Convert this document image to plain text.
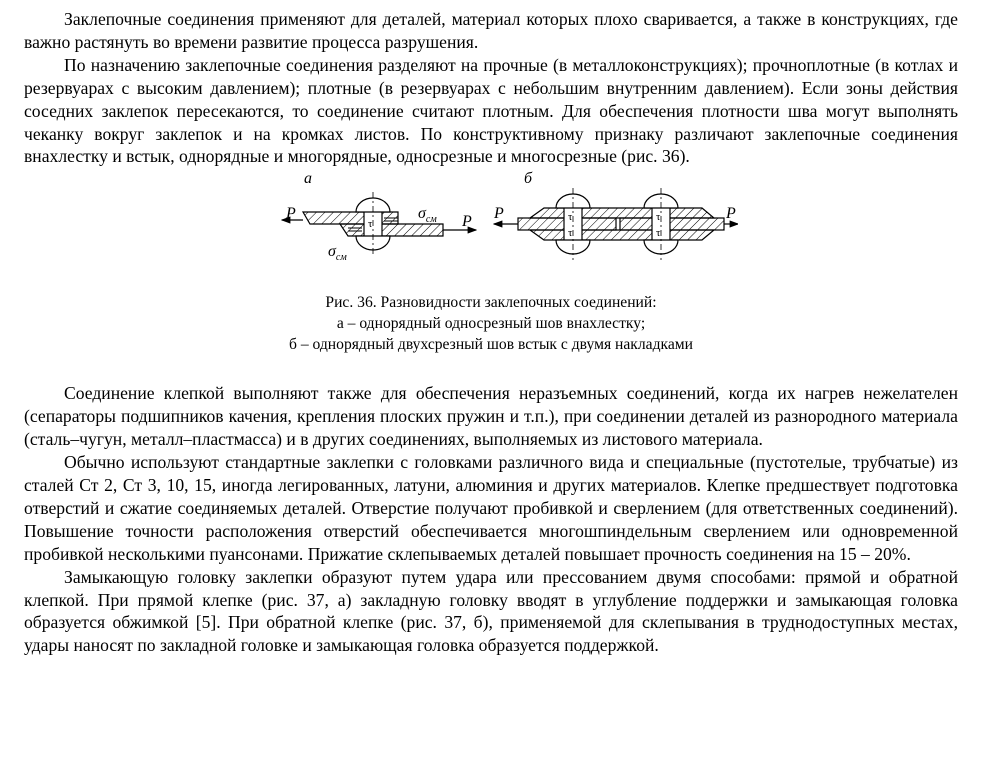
Заклепочные соединения применяют для деталей, материал которых плохо сваривается, а также в конструкциях, где важно растянуть во времени развитие процесса разрушения.

По назначению заклепочные соединения разделяют на прочные (в металлоконструкциях); прочноплотные (в котлах и резервуарах с высоким давлением); плотные (в резервуарах с небольшим внутренним давлением). Если зоны действия соседних заклепок пересекаются, то соединение считают плотным. Для обеспечения плотности шва могут выполнять чеканку вокруг заклепок и на кромках листов. По конструктивному признаку различают заклепочные соединения внахлестку и встык, однорядные и многорядные, односрезные и многосрезные (рис. 36).

а	б
P
τ
$\sigma_{см}$
$\sigma_{см}$
P P	τ
τ
τ
τ
P
Рис. 36. Разновидности заклепочных соединений:
а – однорядный односрезный шов внахлестку;
б – однорядный двухсрезный шов встык с двумя накладками

Соединение клепкой выполняют также для обеспечения неразъемных соединений, когда их нагрев нежелателен (сепараторы подшипников качения, крепления плоских пружин и т.п.), при соединении деталей из разнородного материала (сталь–чугун, металл–пластмасса) и в других соединениях, выполняемых из листового материала.

Обычно используют стандартные заклепки с головками различного вида и специальные (пустотелые, трубчатые) из сталей Ст 2, Ст 3, 10, 15, иногда легированных, латуни, алюминия и других материалов. Клепке предшествует подготовка отверстий и сжатие соединяемых деталей. Отверстие получают пробивкой и сверлением (для ответственных соединений). Повышение точности расположения отверстий обеспечивается многошпиндельным сверлением или одновременной пробивкой несколькими пуансонами. Прижатие склепываемых деталей повышает прочность соединения на 15 – 20%.

Замыкающую головку заклепки образуют путем удара или прессованием двумя способами: прямой и обратной клепкой. При прямой клепке (рис. 37, а) закладную головку вводят в углубление поддержки и замыкающая головка образуется обжимкой [5]. При обратной клепке (рис. 37, б), применяемой для склепывания в труднодоступных местах, удары наносят по закладной головке и замыкающая головка образуется поддержкой.
